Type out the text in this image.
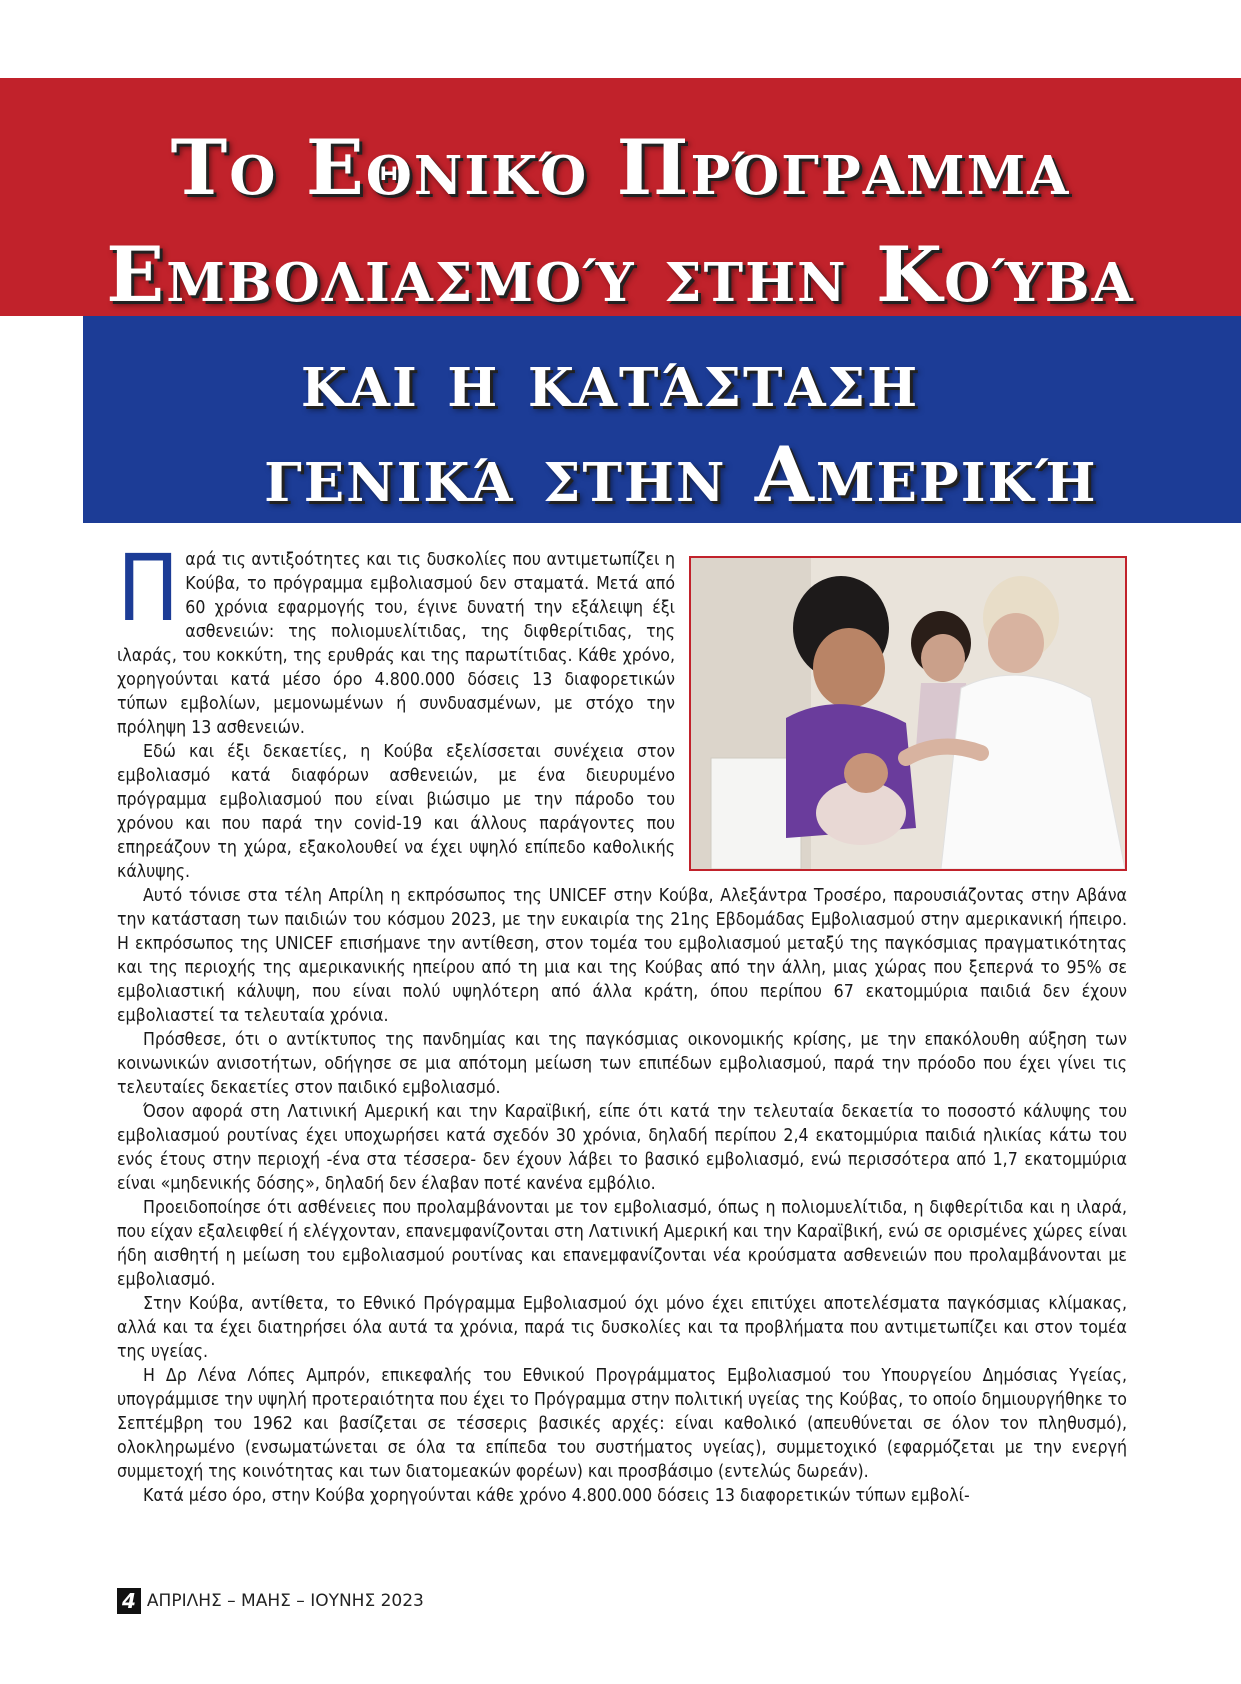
Το Εθνικό Πρόγραμμα
Εμβολιασμού στην Κούβα
και η κατάσταση
γενικά στην Αμερική
Π αρά τις αντιξοότητες και τις δυσκολίες που αντιμετωπίζει η Κούβα, το πρόγραμμα εμβολιασμού δεν σταματά. Μετά από 60 χρόνια εφαρμογής του, έγινε δυνατή την εξάλειψη έξι ασθενειών: της πολιομυελίτιδας, της διφθερίτιδας, της ιλαράς, του κοκκύτη, της ερυθράς και της παρωτίτιδας. Κάθε χρόνο, χορηγούνται κατά μέσο όρο 4.800.000 δόσεις 13 διαφορετικών τύπων εμβολίων, μεμονωμένων ή συνδυασμένων, με στόχο την πρόληψη 13 ασθενειών.

Εδώ και έξι δεκαετίες, η Κούβα εξελίσσεται συνέχεια στον εμβολιασμό κατά διαφόρων ασθενειών, με ένα διευρυμένο πρόγραμμα εμβολιασμού που είναι βιώσιμο με την πάροδο του χρόνου και που παρά την covid-19 και άλλους παράγοντες που επηρεάζουν τη χώρα, εξακολουθεί να έχει υψηλό επίπεδο καθολικής κάλυψης.

Αυτό τόνισε στα τέλη Απρίλη η εκπρόσωπος της UNICEF στην Κούβα, Αλεξάντρα Τροσέρο, παρουσιάζοντας στην Αβάνα την κατάσταση των παιδιών του κόσμου 2023, με την ευκαιρία της 21ης Εβδομάδας Εμβολιασμού στην αμερικανική ήπειρο. Η εκπρόσωπος της UNICEF επισήμανε την αντίθεση, στον τομέα του εμβολιασμού μεταξύ της παγκόσμιας πραγματικότητας και της περιοχής της αμερικανικής ηπείρου από τη μια και της Κούβας από την άλλη, μιας χώρας που ξεπερνά το 95% σε εμβολιαστική κάλυψη, που είναι πολύ υψηλότερη από άλλα κράτη, όπου περίπου 67 εκατομμύρια παιδιά δεν έχουν εμβολιαστεί τα τελευταία χρόνια.

Πρόσθεσε, ότι ο αντίκτυπος της πανδημίας και της παγκόσμιας οικονομικής κρίσης, με την επακόλουθη αύξηση των κοινωνικών ανισοτήτων, οδήγησε σε μια απότομη μείωση των επιπέδων εμβολιασμού, παρά την πρόοδο που έχει γίνει τις τελευταίες δεκαετίες στον παιδικό εμβολιασμό.

Όσον αφορά στη Λατινική Αμερική και την Καραϊβική, είπε ότι κατά την τελευταία δεκαετία το ποσοστό κάλυψης του εμβολιασμού ρουτίνας έχει υποχωρήσει κατά σχεδόν 30 χρόνια, δηλαδή περίπου 2,4 εκατομμύρια παιδιά ηλικίας κάτω του ενός έτους στην περιοχή -ένα στα τέσσερα- δεν έχουν λάβει το βασικό εμβολιασμό, ενώ περισσότερα από 1,7 εκατομμύρια είναι «μηδενικής δόσης», δηλαδή δεν έλαβαν ποτέ κανένα εμβόλιο.

Προειδοποίησε ότι ασθένειες που προλαμβάνονται με τον εμβολιασμό, όπως η πολιομυελίτιδα, η διφθερίτιδα και η ιλαρά, που είχαν εξαλειφθεί ή ελέγχονταν, επανεμφανίζονται στη Λατινική Αμερική και την Καραϊβική, ενώ σε ορισμένες χώρες είναι ήδη αισθητή η μείωση του εμβολιασμού ρουτίνας και επανεμφανίζονται νέα κρούσματα ασθενειών που προλαμβάνονται με εμβολιασμό.

Στην Κούβα, αντίθετα, το Εθνικό Πρόγραμμα Εμβολιασμού όχι μόνο έχει επιτύχει αποτελέσματα παγκόσμιας κλίμακας, αλλά και τα έχει διατηρήσει όλα αυτά τα χρόνια, παρά τις δυσκολίες και τα προβλήματα που αντιμετωπίζει και στον τομέα της υγείας.

Η Δρ Λένα Λόπες Αμπρόν, επικεφαλής του Εθνικού Προγράμματος Εμβολιασμού του Υπουργείου Δημόσιας Υγείας, υπογράμμισε την υψηλή προτεραιότητα που έχει το Πρόγραμμα στην πολιτική υγείας της Κούβας, το οποίο δημιουργήθηκε το Σεπτέμβρη του 1962 και βασίζεται σε τέσσερις βασικές αρχές: είναι καθολικό (απευθύνεται σε όλον τον πληθυσμό), ολοκληρωμένο (ενσωματώνεται σε όλα τα επίπεδα του συστήματος υγείας), συμμετοχικό (εφαρμόζεται με την ενεργή συμμετοχή της κοινότητας και των διατομεακών φορέων) και προσβάσιμο (εντελώς δωρεάν).

Κατά μέσο όρο, στην Κούβα χορηγούνται κάθε χρόνο 4.800.000 δόσεις 13 διαφορετικών τύπων εμβολί-

4 ΑΠΡΙΛΗΣ – ΜΑΗΣ – ΙΟΥΝΗΣ 2023
